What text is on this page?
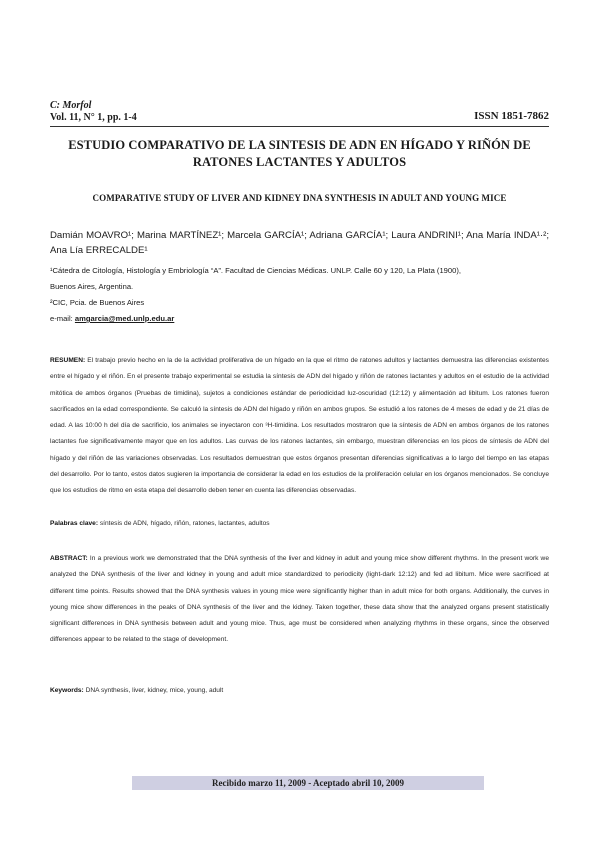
C: Morfol
Vol. 11, N° 1, pp. 1-4	ISSN 1851-7862
ESTUDIO COMPARATIVO DE LA SINTESIS DE ADN EN HÍGADO Y RIÑÓN DE RATONES LACTANTES Y ADULTOS
COMPARATIVE STUDY OF LIVER AND KIDNEY DNA SYNTHESIS IN ADULT AND YOUNG MICE
Damián MOAVRO¹; Marina MARTÍNEZ¹; Marcela GARCÍA¹; Adriana GARCÍA¹; Laura ANDRINI¹; Ana María INDA¹·²; Ana Lía ERRECALDE¹
¹Cátedra de Citología, Histología y Embriología “A”. Facultad de Ciencias Médicas. UNLP. Calle 60 y 120, La Plata (1900),
Buenos Aires, Argentina.
²CIC, Pcia. de Buenos Aires
e-mail: amgarcia@med.unlp.edu.ar
RESUMEN: El trabajo previo hecho en la de la actividad proliferativa de un hígado en la que el ritmo de ratones adultos y lactantes demuestra las diferencias existentes entre el hígado y el riñón. En el presente trabajo experimental se estudia la síntesis de ADN del hígado y riñón de ratones lactantes y adultos en el estudio de la actividad mitótica de ambos órganos (Pruebas de timidina), sujetos a condiciones estándar de periodicidad luz-oscuridad (12:12) y alimentación ad libitum. Los ratones fueron sacrificados en la edad correspondiente. Se calculó la síntesis de ADN del hígado y riñón en ambos grupos. Se estudió a los ratones de 4 meses de edad y de 21 días de edad. A las 10:00 h del día de sacrificio, los animales se inyectaron con ³H-timidina. Los resultados mostraron que la síntesis de ADN en ambos órganos de los ratones lactantes fue significativamente mayor que en los adultos. Las curvas de los ratones lactantes, sin embargo, muestran diferencias en los picos de síntesis de ADN del hígado y del riñón de las variaciones observadas. Los resultados demuestran que estos órganos presentan diferencias significativas a lo largo del tiempo en las etapas del desarrollo. Por lo tanto, estos datos sugieren la importancia de considerar la edad en los estudios de la proliferación celular en los órganos mencionados. Se concluye que los estudios de ritmo en esta etapa del desarrollo deben tener en cuenta las diferencias observadas.
Palabras clave: síntesis de ADN, hígado, riñón, ratones, lactantes, adultos
ABSTRACT: In a previous work we demonstrated that the DNA synthesis of the liver and kidney in adult and young mice show different rhythms. In the present work we analyzed the DNA synthesis of the liver and kidney in young and adult mice standardized to periodicity (light-dark 12:12) and fed ad libitum. Mice were sacrificed at different time points. Results showed that the DNA synthesis values in young mice were significantly higher than in adult mice for both organs. Additionally, the curves in young mice show differences in the peaks of DNA synthesis of the liver and the kidney. Taken together, these data show that the analyzed organs present statistically significant differences in DNA synthesis between adult and young mice. Thus, age must be considered when analyzing rhythms in these organs, since the observed differences appear to be related to the stage of development.
Keywords: DNA synthesis, liver, kidney, mice, young, adult
Recibido marzo 11, 2009 - Aceptado abril 10, 2009
